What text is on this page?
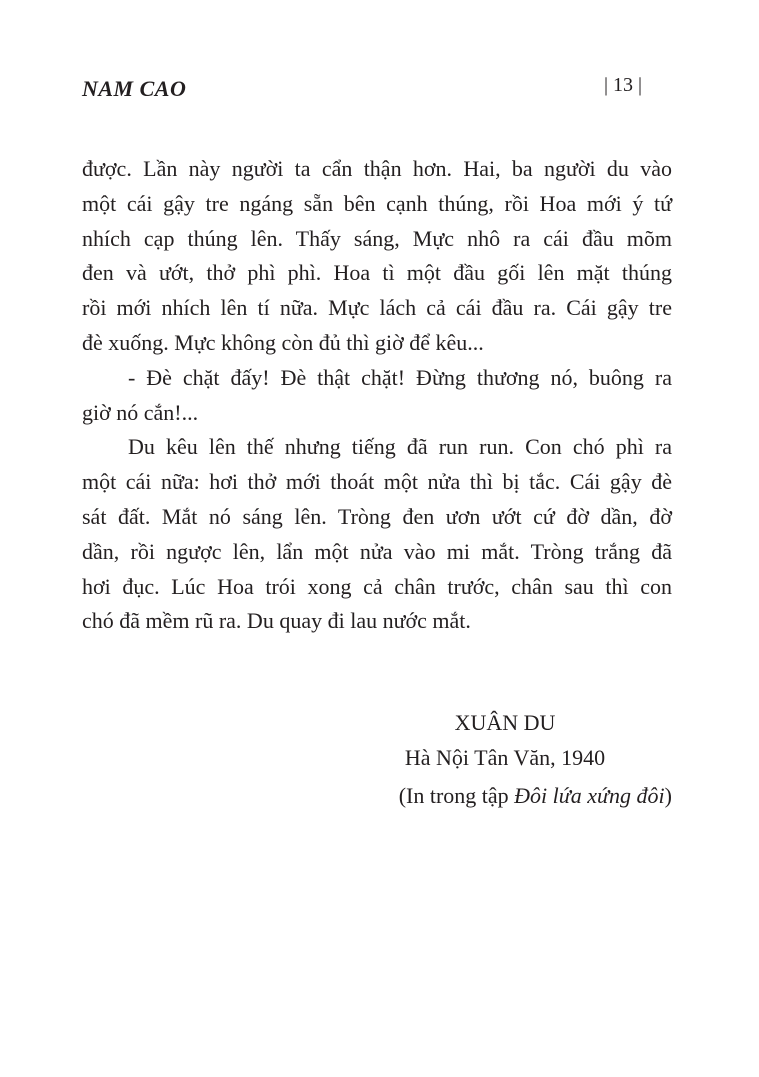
NAM CAO	| 13 |
được. Lần này người ta cẩn thận hơn. Hai, ba người du vào
một cái gậy tre ngáng sẵn bên cạnh thúng, rồi Hoa mới ý tứ
nhích cạp thúng lên. Thấy sáng, Mực nhô ra cái đầu mõm
đen và ướt, thở phì phì. Hoa tì một đầu gối lên mặt thúng
rồi mới nhích lên tí nữa. Mực lách cả cái đầu ra. Cái gậy tre
đè xuống. Mực không còn đủ thì giờ để kêu...
- Đè chặt đấy! Đè thật chặt! Đừng thương nó, buông ra
giờ nó cắn!...
Du kêu lên thế nhưng tiếng đã run run. Con chó phì ra
một cái nữa: hơi thở mới thoát một nửa thì bị tắc. Cái gậy đè
sát đất. Mắt nó sáng lên. Tròng đen ươn ướt cứ đờ dần, đờ
dần, rồi ngược lên, lẩn một nửa vào mi mắt. Tròng trắng đã
hơi đục. Lúc Hoa trói xong cả chân trước, chân sau thì con
chó đã mềm rũ ra. Du quay đi lau nước mắt.
XUÂN DU
Hà Nội Tân Văn, 1940
(In trong tập Đôi lứa xứng đôi)
